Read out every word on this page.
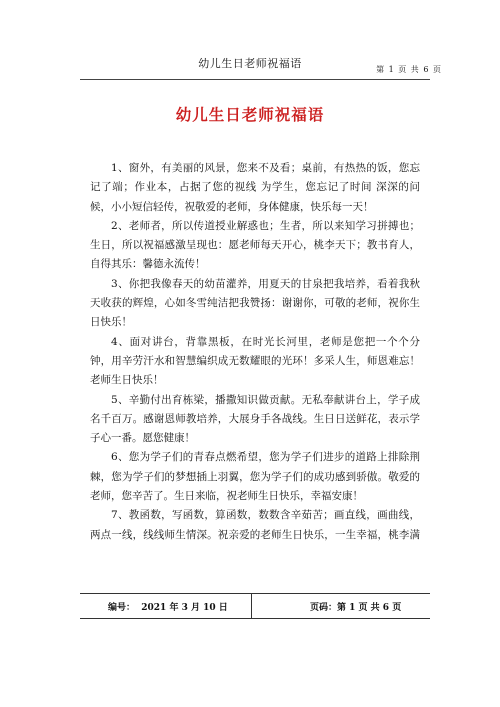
幼儿生日老师祝福语	第 1 页 共 6 页
幼儿生日老师祝福语

1、窗外，有美丽的风景，您来不及看；桌前，有热热的饭，您忘记了端；作业本，占据了您的视线 为学生，您忘记了时间 深深的问候，小小短信轻传，祝敬爱的老师，身体健康，快乐每一天！

2、老师者，所以传道授业解惑也；生者，所以来知学习拼搏也；生日，所以祝福感激呈现也：愿老师每天开心，桃李天下；教书育人，自得其乐：馨德永流传！

3、你把我像春天的幼苗灌养，用夏天的甘泉把我培养，看着我秋天收获的辉煌，心如冬雪纯洁把我赞扬：谢谢你，可敬的老师，祝你生日快乐！

4、面对讲台，背靠黑板，在时光长河里，老师是您把一个个分钟，用辛劳汗水和智慧编织成无数耀眼的光环！多采人生，师恩难忘！老师生日快乐！

5、辛勤付出育栋梁，播撒知识做贡献。无私奉献讲台上，学子成名千百万。感谢恩师教培养，大展身手各战线。生日日送鲜花，表示学子心一番。愿您健康！

6、您为学子们的青春点燃希望，您为学子们进步的道路上排除荆棘，您为学子们的梦想插上羽翼，您为学子们的成功感到骄傲。敬爱的老师，您辛苦了。生日来临，祝老师生日快乐，幸福安康！

7、教函数，写函数，算函数，数数含辛茹苦；画直线，画曲线，两点一线，线线师生情深。祝亲爱的老师生日快乐，一生幸福，桃李满

编号：  2021 年 3 月 10 日	页码：第 1 页 共 6 页
